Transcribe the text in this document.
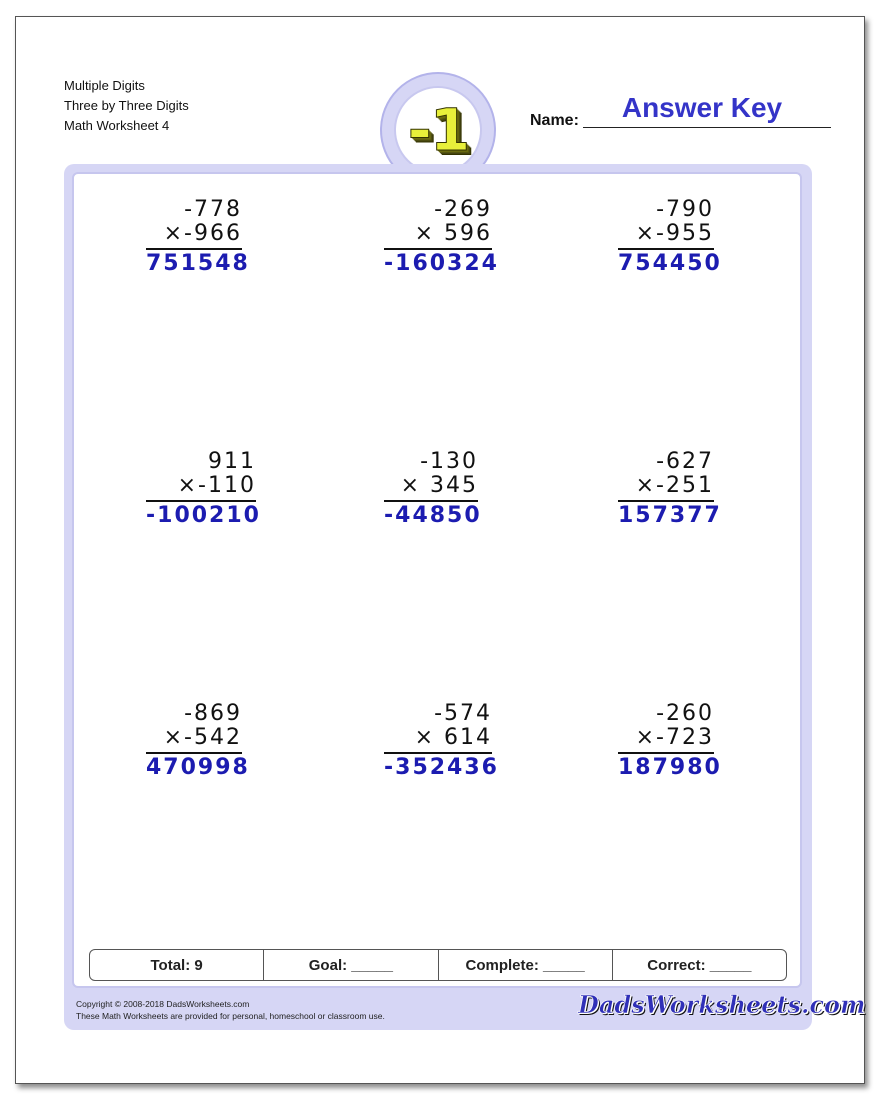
Multiple Digits
Three by Three Digits
Math Worksheet 4	-1	Name:	Answer Key
-778
×-966
751548
-269
× 596
-160324
-790
×-955
754450
911
×-110
-100210
-130
× 345
-44850
-627
×-251
157377
-869
×-542
470998
-574
× 614
-352436
-260
×-723
187980
Total: 9	Goal: _____	Complete: _____	Correct: _____
Copyright © 2008-2018 DadsWorksheets.com
These Math Worksheets are provided for personal, homeschool or classroom use.	DadsWorksheets.com
